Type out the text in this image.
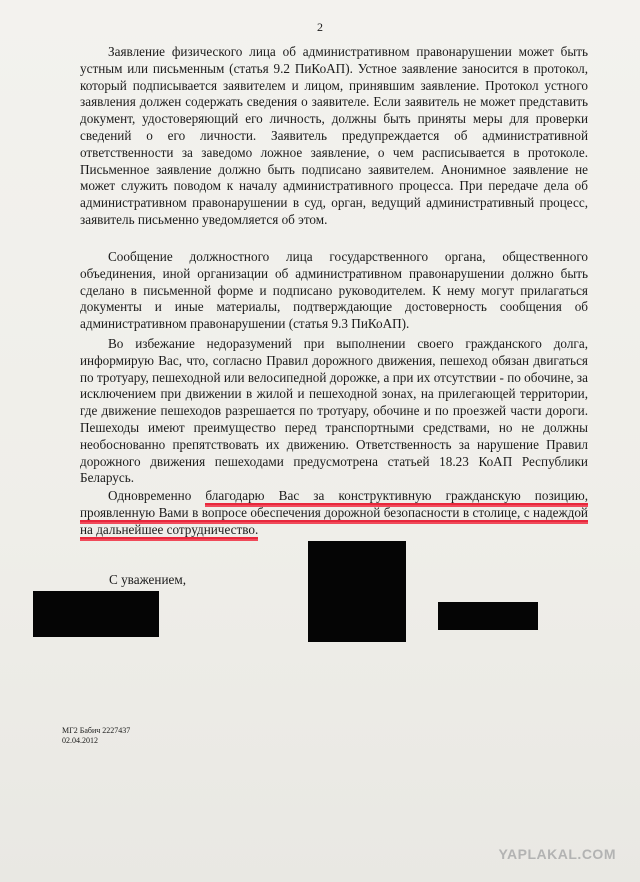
2

Заявление физического лица об административном правонарушении может быть устным или письменным (статья 9.2 ПиКоАП). Устное заявление заносится в протокол, который подписывается заявителем и лицом, принявшим заявление. Протокол устного заявления должен содержать сведения о заявителе. Если заявитель не может представить документ, удостоверяющий его личность, должны быть приняты меры для проверки сведений о его личности. Заявитель предупреждается об административной ответственности за заведомо ложное заявление, о чем расписывается в протоколе. Письменное заявление должно быть подписано заявителем. Анонимное заявление не может служить поводом к началу административного процесса. При передаче дела об административном правонарушении в суд, орган, ведущий административный процесс, заявитель письменно уведомляется об этом.

Сообщение должностного лица государственного органа, общественного объединения, иной организации об административном правонарушении должно быть сделано в письменной форме и подписано руководителем. К нему могут прилагаться документы и иные материалы, подтверждающие достоверность сообщения об административном правонарушении (статья 9.3 ПиКоАП).

Во избежание недоразумений при выполнении своего гражданского долга, информирую Вас, что, согласно Правил дорожного движения, пешеход обязан двигаться по тротуару, пешеходной или велосипедной дорожке, а при их отсутствии - по обочине, за исключением при движении в жилой и пешеходной зонах, на прилегающей территории, где движение пешеходов разрешается по тротуару, обочине и по проезжей части дороги. Пешеходы имеют преимущество перед транспортными средствами, но не должны необоснованно препятствовать их движению. Ответственность за нарушение Правил дорожного движения пешеходами предусмотрена статьей 18.23 КоАП Республики Беларусь.

Одновременно благодарю Вас за конструктивную гражданскую позицию, проявленную Вами в вопросе обеспечения дорожной безопасности в столице, с надеждой на дальнейшее сотрудничество.

С уважением,
МГ2 Бабич 2227437
02.04.2012
YAPLAKAL.COM
